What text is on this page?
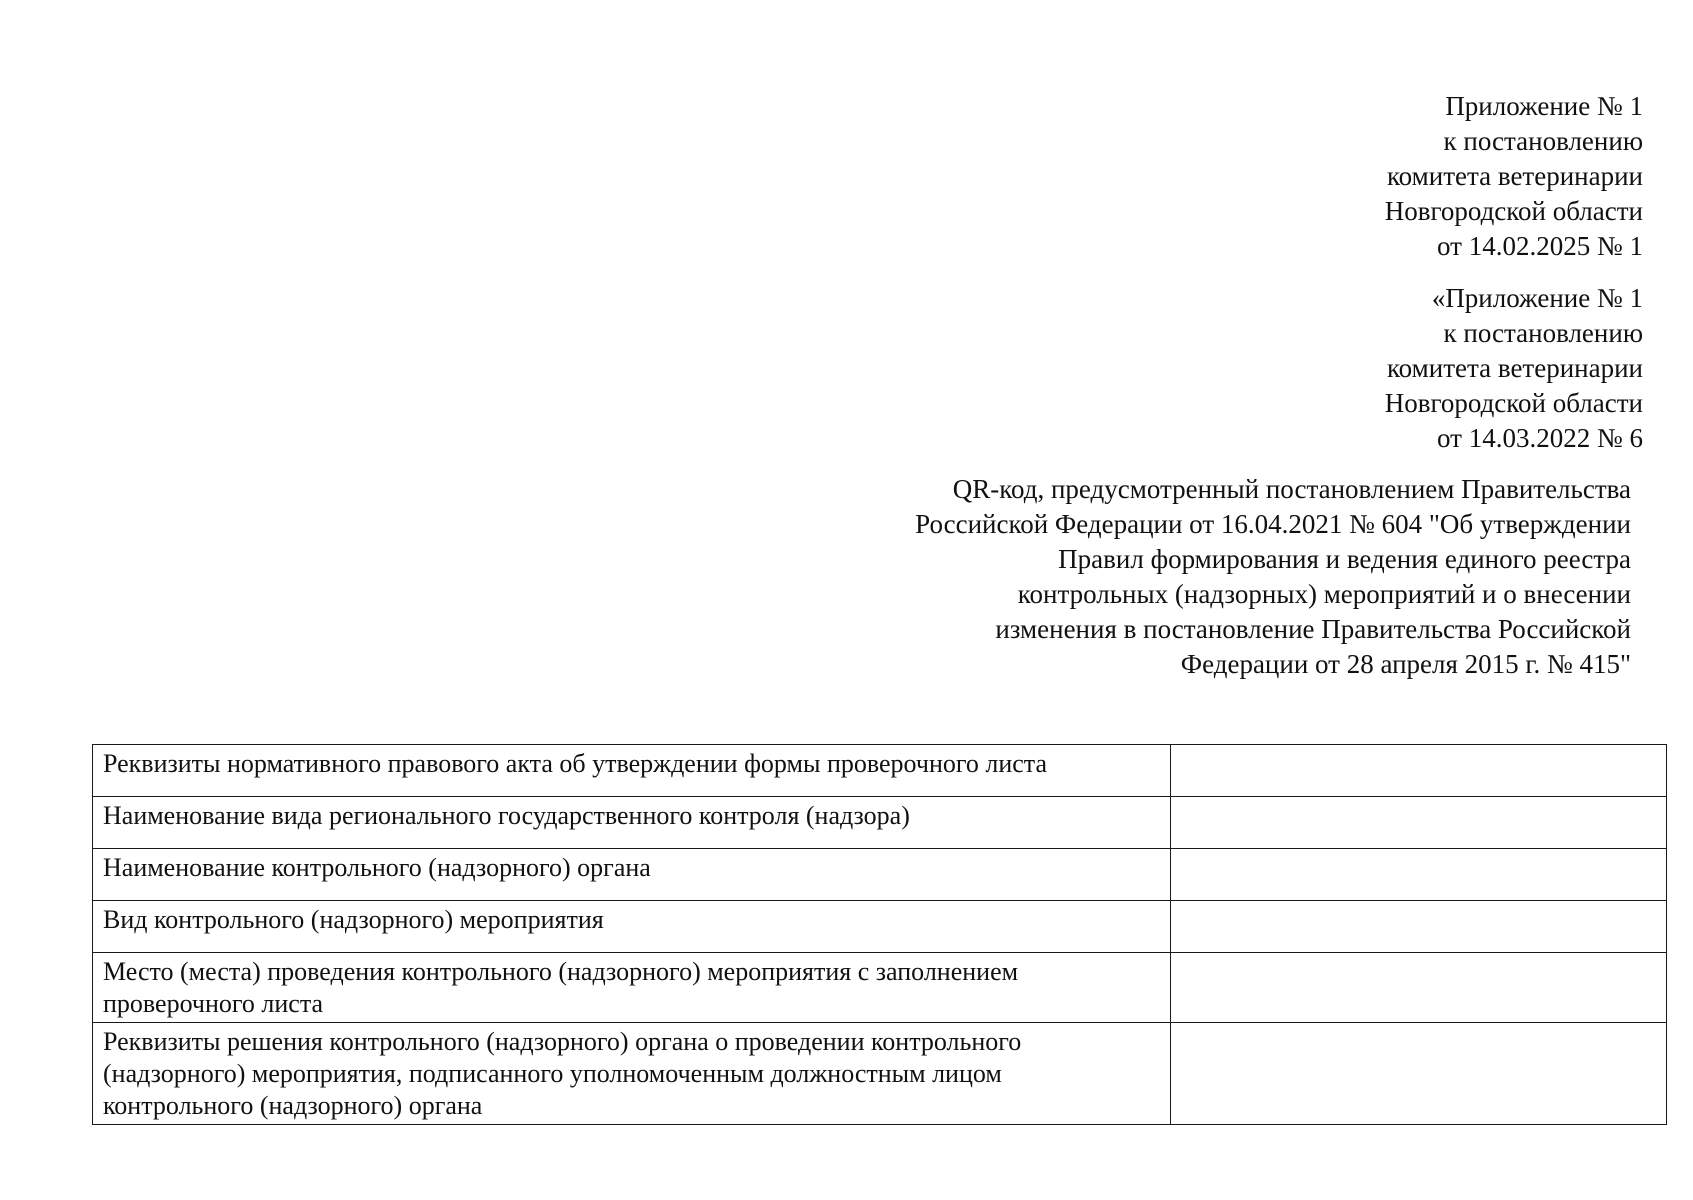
Приложение № 1
к постановлению
комитета ветеринарии
Новгородской области
от 14.02.2025 № 1
«Приложение № 1
к постановлению
комитета ветеринарии
Новгородской области
от 14.03.2022 № 6
QR-код, предусмотренный постановлением Правительства
Российской Федерации от 16.04.2021 № 604 "Об утверждении
Правил формирования и ведения единого реестра
контрольных (надзорных) мероприятий и о внесении
изменения в постановление Правительства Российской
Федерации от 28 апреля 2015 г. № 415"
Реквизиты нормативного правового акта об утверждении формы проверочного листа	

Наименование вида регионального государственного контроля (надзора)	

Наименование контрольного (надзорного) органа	

Вид контрольного (надзорного) мероприятия	

Место (места) проведения контрольного (надзорного) мероприятия с заполнением
проверочного листа	

Реквизиты решения контрольного (надзорного) органа о проведении контрольного
(надзорного) мероприятия, подписанного уполномоченным должностным лицом
контрольного (надзорного) органа	
